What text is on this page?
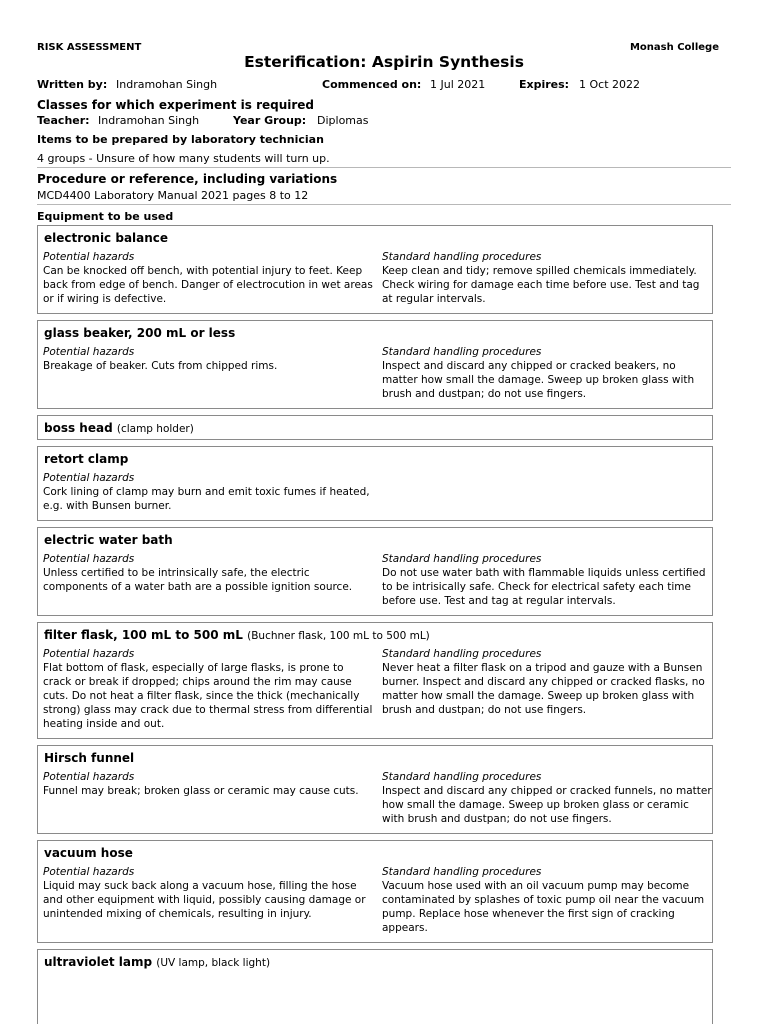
RISK ASSESSMENT	Monash College
Esterification: Aspirin Synthesis
Written by: Indramohan Singh	Commenced on: 1 Jul 2021	Expires: 1 Oct 2022
Classes for which experiment is required
Teacher: Indramohan Singh	Year Group: Diplomas
Items to be prepared by laboratory technician
4 groups - Unsure of how many students will turn up.
Procedure or reference, including variations
MCD4400 Laboratory Manual 2021 pages 8 to 12
Equipment to be used
electronic balance
Potential hazards
Can be knocked off bench, with potential injury to feet. Keep back from edge of bench. Danger of electrocution in wet areas or if wiring is defective.
Standard handling procedures
Keep clean and tidy; remove spilled chemicals immediately. Check wiring for damage each time before use. Test and tag at regular intervals.
glass beaker, 200 mL or less
Potential hazards
Breakage of beaker. Cuts from chipped rims.
Standard handling procedures
Inspect and discard any chipped or cracked beakers, no matter how small the damage. Sweep up broken glass with brush and dustpan; do not use fingers.
boss head (clamp holder)
retort clamp
Potential hazards
Cork lining of clamp may burn and emit toxic fumes if heated, e.g. with Bunsen burner.
electric water bath
Potential hazards
Unless certified to be intrinsically safe, the electric components of a water bath are a possible ignition source.
Standard handling procedures
Do not use water bath with flammable liquids unless certified to be intrisically safe. Check for electrical safety each time before use. Test and tag at regular intervals.
filter flask, 100 mL to 500 mL (Buchner flask, 100 mL to 500 mL)
Potential hazards
Flat bottom of flask, especially of large flasks, is prone to crack or break if dropped; chips around the rim may cause cuts. Do not heat a filter flask, since the thick (mechanically strong) glass may crack due to thermal stress from differential heating inside and out.
Standard handling procedures
Never heat a filter flask on a tripod and gauze with a Bunsen burner. Inspect and discard any chipped or cracked flasks, no matter how small the damage. Sweep up broken glass with brush and dustpan; do not use fingers.
Hirsch funnel
Potential hazards
Funnel may break; broken glass or ceramic may cause cuts.
Standard handling procedures
Inspect and discard any chipped or cracked funnels, no matter how small the damage. Sweep up broken glass or ceramic with brush and dustpan; do not use fingers.
vacuum hose
Potential hazards
Liquid may suck back along a vacuum hose, filling the hose and other equipment with liquid, possibly causing damage or unintended mixing of chemicals, resulting in injury.
Standard handling procedures
Vacuum hose used with an oil vacuum pump may become contaminated by splashes of toxic pump oil near the vacuum pump. Replace hose whenever the first sign of cracking appears.
ultraviolet lamp (UV lamp, black light)
